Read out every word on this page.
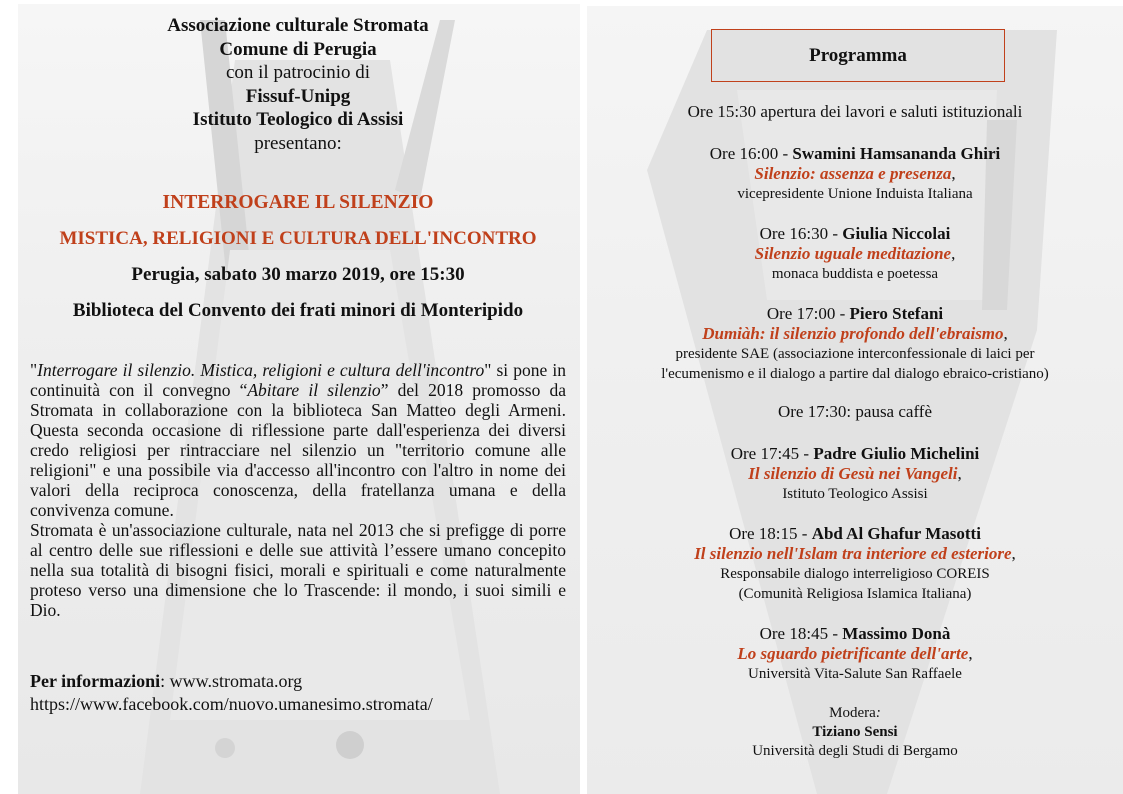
Associazione culturale Stromata
Comune di Perugia
con il patrocinio di
Fissuf-Unipg
Istituto Teologico di Assisi
presentano:
INTERROGARE IL SILENZIO
MISTICA, RELIGIONI E CULTURA DELL'INCONTRO
Perugia, sabato 30 marzo 2019, ore 15:30
Biblioteca del Convento dei frati minori di Monteripido

"Interrogare il silenzio. Mistica, religioni e cultura dell'incontro" si pone in continuità con il convegno “Abitare il silenzio” del 2018 promosso da Stromata in collaborazione con la biblioteca San Matteo degli Armeni. Questa seconda occasione di riflessione parte dall'esperienza dei diversi credo religiosi per rintracciare nel silenzio un "territorio comune alle religioni" e una possibile via d'accesso all'incontro con l'altro in nome dei valori della reciproca conoscenza, della fratellanza umana e della convivenza comune.

Stromata è un'associazione culturale, nata nel 2013 che si prefigge di porre al centro delle sue riflessioni e delle sue attività l’essere umano concepito nella sua totalità di bisogni fisici, morali e spirituali e come naturalmente proteso verso una dimensione che lo Trascende: il mondo, i suoi simili e Dio.

Per informazioni: www.stromata.org
https://www.facebook.com/nuovo.umanesimo.stromata/
Programma
Ore 15:30 apertura dei lavori e saluti istituzionali
Ore 16:00 - Swamini Hamsananda Ghiri
Silenzio: assenza e presenza,
vicepresidente Unione Induista Italiana
Ore 16:30 - Giulia Niccolai
Silenzio uguale meditazione,
monaca buddista e poetessa
Ore 17:00 - Piero Stefani
Dumiàh: il silenzio profondo dell'ebraismo,
presidente SAE (associazione interconfessionale di laici per
l'ecumenismo e il dialogo a partire dal dialogo ebraico-cristiano)
Ore 17:30: pausa caffè
Ore 17:45 - Padre Giulio Michelini
Il silenzio di Gesù nei Vangeli,
Istituto Teologico Assisi
Ore 18:15 - Abd Al Ghafur Masotti
Il silenzio nell'Islam tra interiore ed esteriore,
Responsabile dialogo interreligioso COREIS
(Comunità Religiosa Islamica Italiana)
Ore 18:45 - Massimo Donà
Lo sguardo pietrificante dell'arte,
Università Vita-Salute San Raffaele
Modera:
Tiziano Sensi
Università degli Studi di Bergamo
